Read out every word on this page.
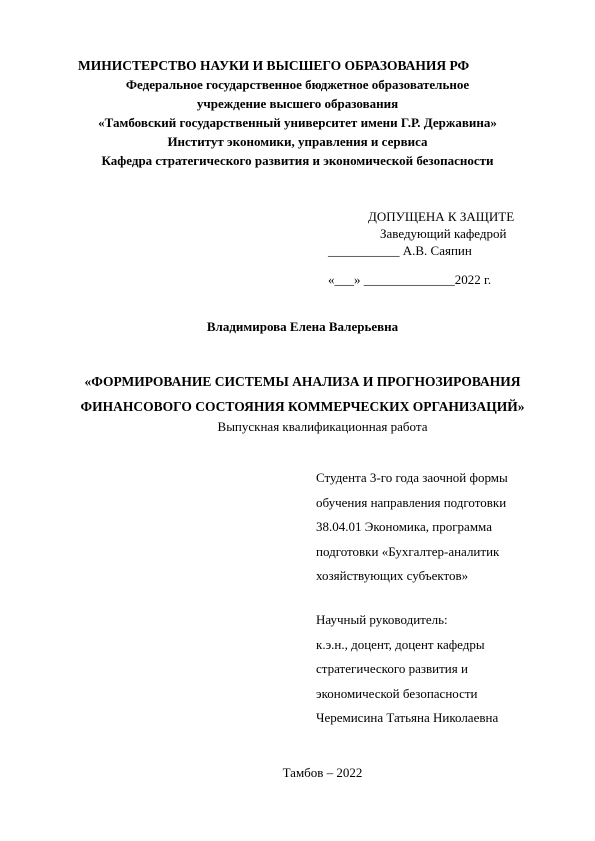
МИНИСТЕРСТВО НАУКИ И ВЫСШЕГО ОБРАЗОВАНИЯ РФ
Федеральное государственное бюджетное образовательное
учреждение высшего образования
«Тамбовский государственный университет имени Г.Р. Державина»
Институт экономики, управления и сервиса
Кафедра стратегического развития и экономической безопасности
ДОПУЩЕНА К ЗАЩИТЕ
Заведующий кафедрой
___________ А.В. Саяпин
«___» ______________2022 г.
Владимирова Елена Валерьевна
«ФОРМИРОВАНИЕ СИСТЕМЫ АНАЛИЗА И ПРОГНОЗИРОВАНИЯ
ФИНАНСОВОГО СОСТОЯНИЯ КОММЕРЧЕСКИХ ОРГАНИЗАЦИЙ»
Выпускная квалификационная работа
Студента 3-го года заочной формы
обучения направления подготовки
38.04.01 Экономика, программа
подготовки «Бухгалтер-аналитик
хозяйствующих субъектов»
Научный руководитель:
к.э.н., доцент, доцент кафедры
стратегического развития и
экономической безопасности
Черемисина Татьяна Николаевна
Тамбов – 2022
